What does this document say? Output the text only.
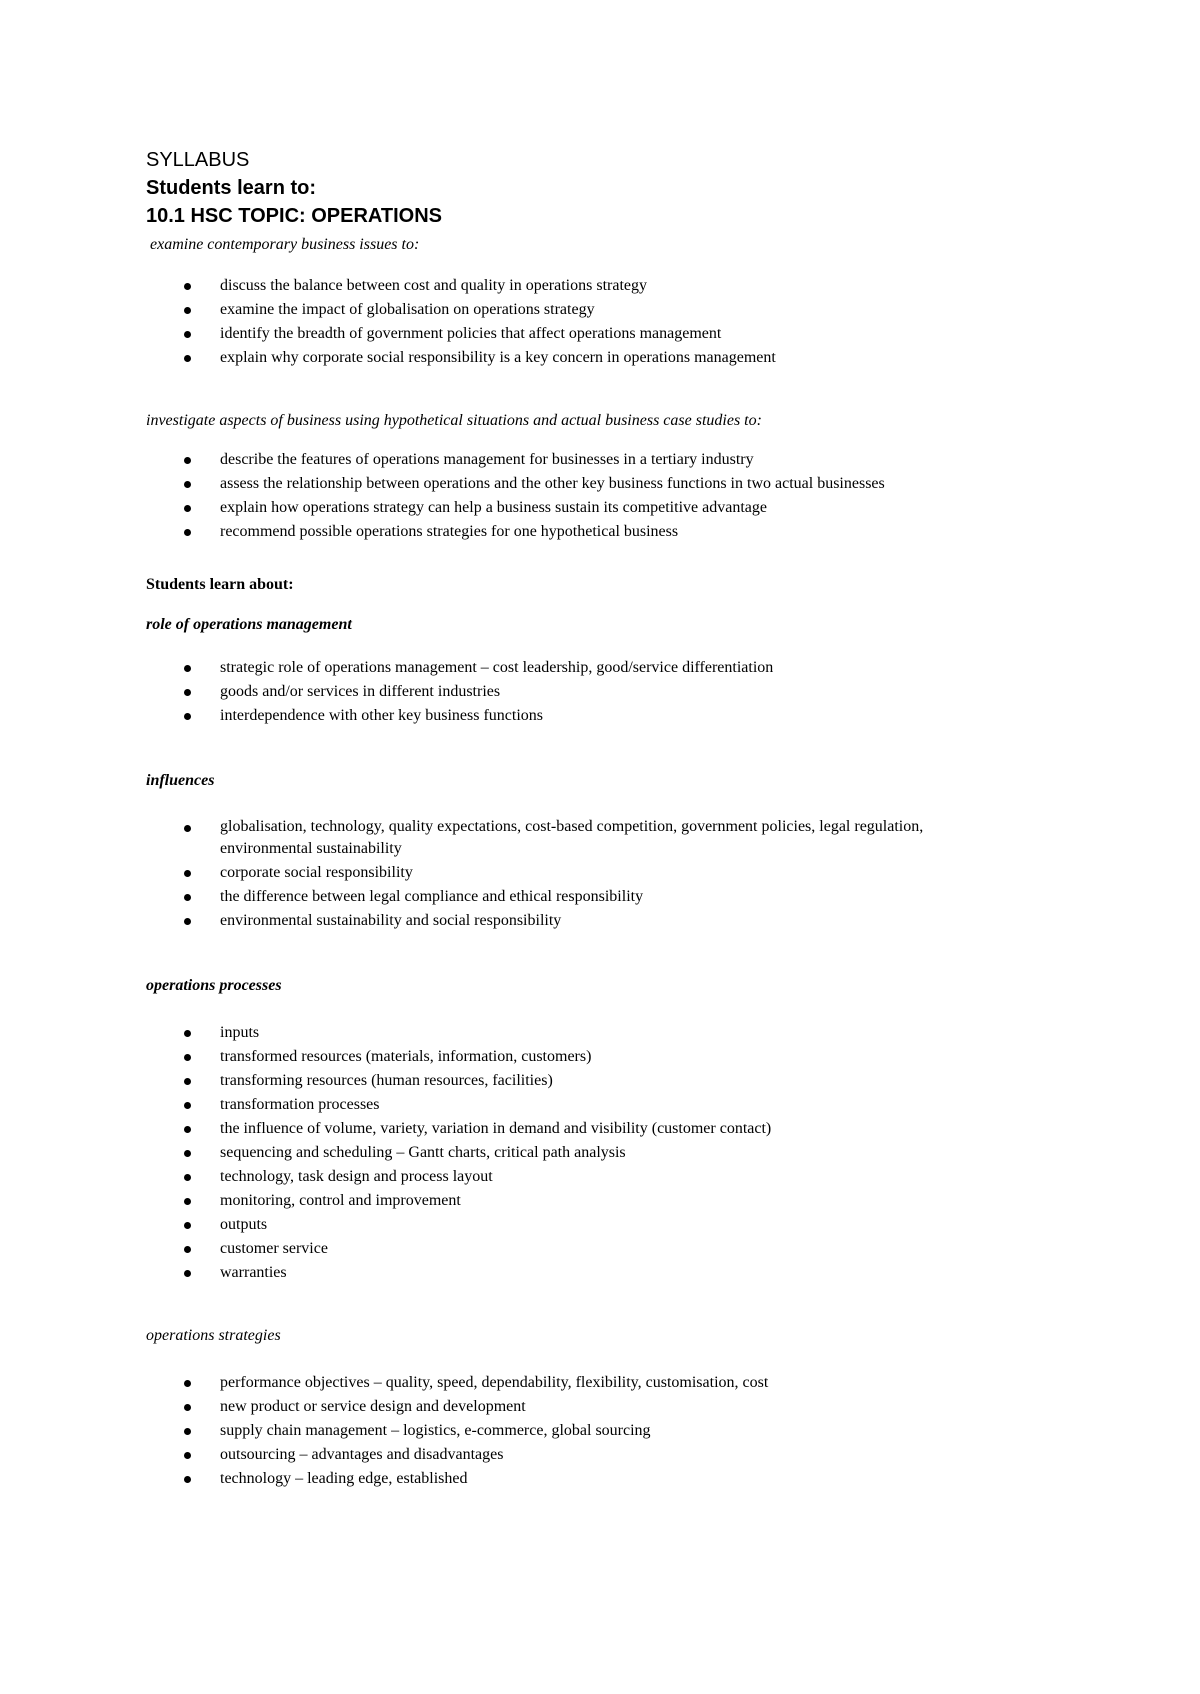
SYLLABUS
Students learn to:
10.1 HSC TOPIC: OPERATIONS
examine contemporary business issues to:
discuss the balance between cost and quality in operations strategy
examine the impact of globalisation on operations strategy
identify the breadth of government policies that affect operations management
explain why corporate social responsibility is a key concern in operations management
investigate aspects of business using hypothetical situations and actual business case studies to:
describe the features of operations management for businesses in a tertiary industry
assess the relationship between operations and the other key business functions in two actual businesses
explain how operations strategy can help a business sustain its competitive advantage
recommend possible operations strategies for one hypothetical business
Students learn about:
role of operations management
strategic role of operations management – cost leadership, good/service differentiation
goods and/or services in different industries
interdependence with other key business functions
influences
globalisation, technology, quality expectations, cost-based competition, government policies, legal regulation, environmental sustainability
corporate social responsibility
the difference between legal compliance and ethical responsibility
environmental sustainability and social responsibility
operations processes
inputs
transformed resources (materials, information, customers)
transforming resources (human resources, facilities)
transformation processes
the influence of volume, variety, variation in demand and visibility (customer contact)
sequencing and scheduling – Gantt charts, critical path analysis
technology, task design and process layout
monitoring, control and improvement
outputs
customer service
warranties
operations strategies
performance objectives – quality, speed, dependability, flexibility, customisation, cost
new product or service design and development
supply chain management – logistics, e-commerce, global sourcing
outsourcing – advantages and disadvantages
technology – leading edge, established
